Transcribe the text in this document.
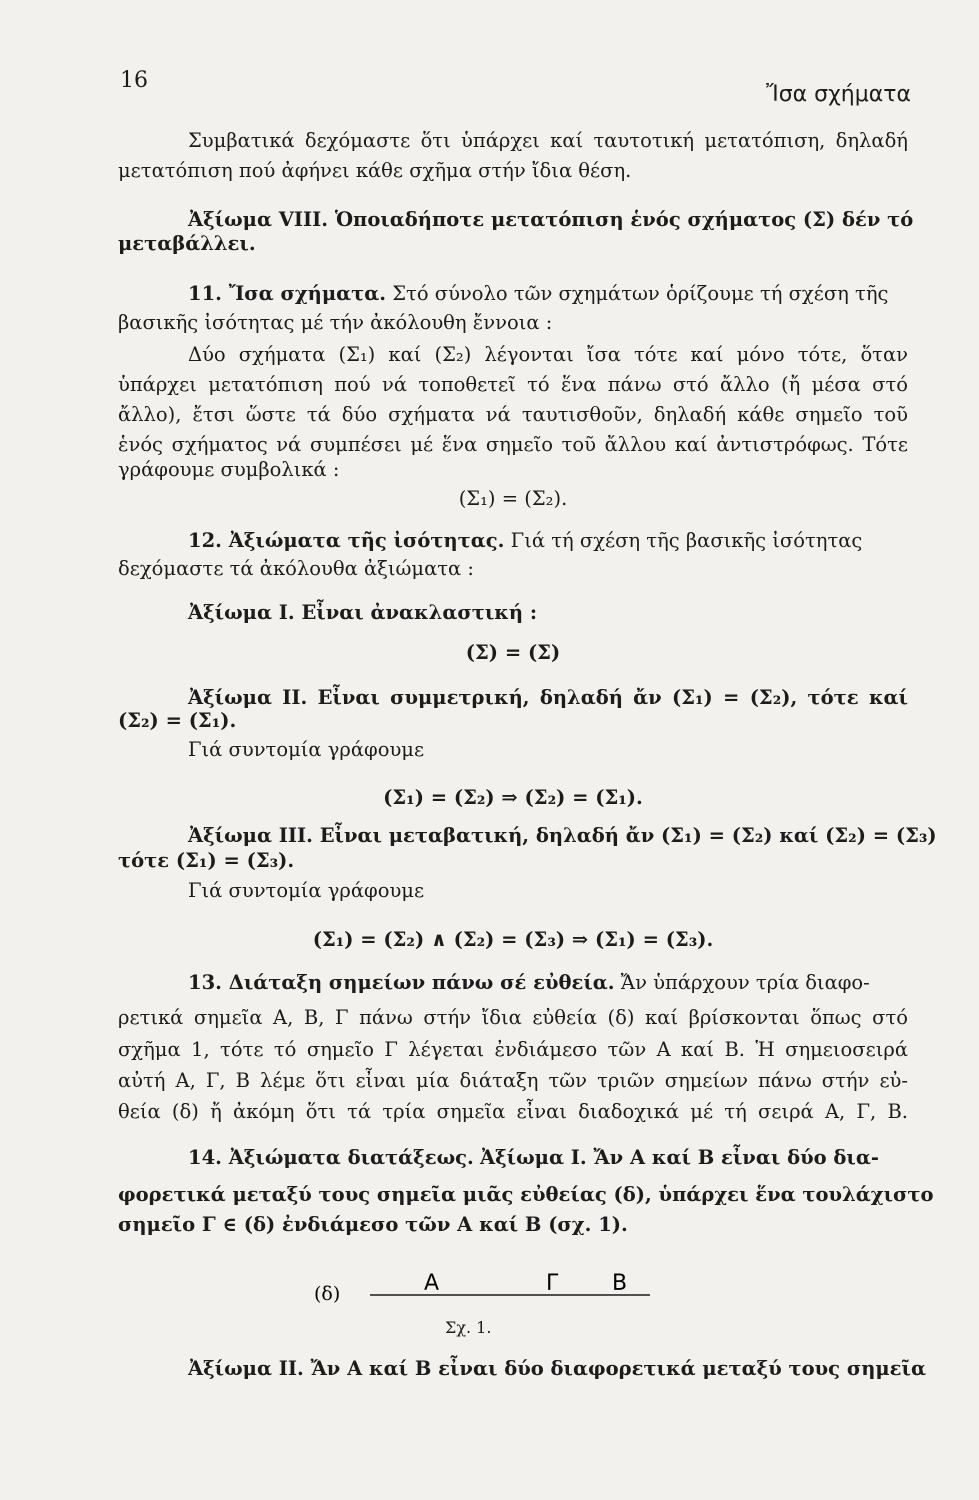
16
Ἴσα σχήματα
Συμβατικά δεχόμαστε ὅτι ὑπάρχει καί ταυτοτική μετατόπιση, δηλαδή
μετατόπιση πού ἀφήνει κάθε σχῆμα στήν ἴδια θέση.
Ἀξίωμα VIII. Ὁποιαδήποτε μετατόπιση ἑνός σχήματος (Σ) δέν τό
μεταβάλλει.
11. Ἴσα σχήματα. Στό σύνολο τῶν σχημάτων ὁρίζουμε τή σχέση τῆς
βασικῆς ἰσότητας μέ τήν ἀκόλουθη ἔννοια :
Δύο σχήματα (Σ₁) καί (Σ₂) λέγονται ἴσα τότε καί μόνο τότε, ὅταν
ὑπάρχει μετατόπιση πού νά τοποθετεῖ τό ἕνα πάνω στό ἄλλο (ἤ μέσα στό
ἄλλο), ἔτσι ὥστε τά δύο σχήματα νά ταυτισθοῦν, δηλαδή κάθε σημεῖο τοῦ
ἑνός σχήματος νά συμπέσει μέ ἕνα σημεῖο τοῦ ἄλλου καί ἀντιστρόφως. Τότε
γράφουμε συμβολικά :
(Σ₁) = (Σ₂).
12. Ἀξιώματα τῆς ἰσότητας. Γιά τή σχέση τῆς βασικῆς ἰσότητας
δεχόμαστε τά ἀκόλουθα ἀξιώματα :
Ἀξίωμα I. Εἶναι ἀνακλαστική :
(Σ) = (Σ)
Ἀξίωμα II. Εἶναι συμμετρική, δηλαδή ἄν (Σ₁) = (Σ₂), τότε καί
(Σ₂) = (Σ₁).
Γιά συντομία γράφουμε
(Σ₁) = (Σ₂) ⇒ (Σ₂) = (Σ₁).
Ἀξίωμα III. Εἶναι μεταβατική, δηλαδή ἄν (Σ₁) = (Σ₂) καί (Σ₂) = (Σ₃)
τότε (Σ₁) = (Σ₃).
Γιά συντομία γράφουμε
(Σ₁) = (Σ₂) ∧ (Σ₂) = (Σ₃) ⇒ (Σ₁) = (Σ₃).
13. Διάταξη σημείων πάνω σέ εὐθεία. Ἄν ὑπάρχουν τρία διαφο-
ρετικά σημεῖα Α, Β, Γ πάνω στήν ἴδια εὐθεία (δ) καί βρίσκονται ὅπως στό
σχῆμα 1, τότε τό σημεῖο Γ λέγεται ἐνδιάμεσο τῶν Α καί Β. Ἡ σημειοσειρά
αὐτή Α, Γ, Β λέμε ὅτι εἶναι μία διάταξη τῶν τριῶν σημείων πάνω στήν εὐ-
θεία (δ) ἤ ἀκόμη ὅτι τά τρία σημεῖα εἶναι διαδοχικά μέ τή σειρά Α, Γ, Β.
14. Ἀξιώματα διατάξεως. Ἀξίωμα I. Ἄν Α καί Β εἶναι δύο δια-
φορετικά μεταξύ τους σημεῖα μιᾶς εὐθείας (δ), ὑπάρχει ἕνα τουλάχιστο
σημεῖο Γ ∈ (δ) ἐνδιάμεσο τῶν Α καί Β (σχ. 1).
(δ)	Α	Γ Β
Σχ. 1.
Ἀξίωμα II. Ἄν Α καί Β εἶναι δύο διαφορετικά μεταξύ τους σημεῖα
